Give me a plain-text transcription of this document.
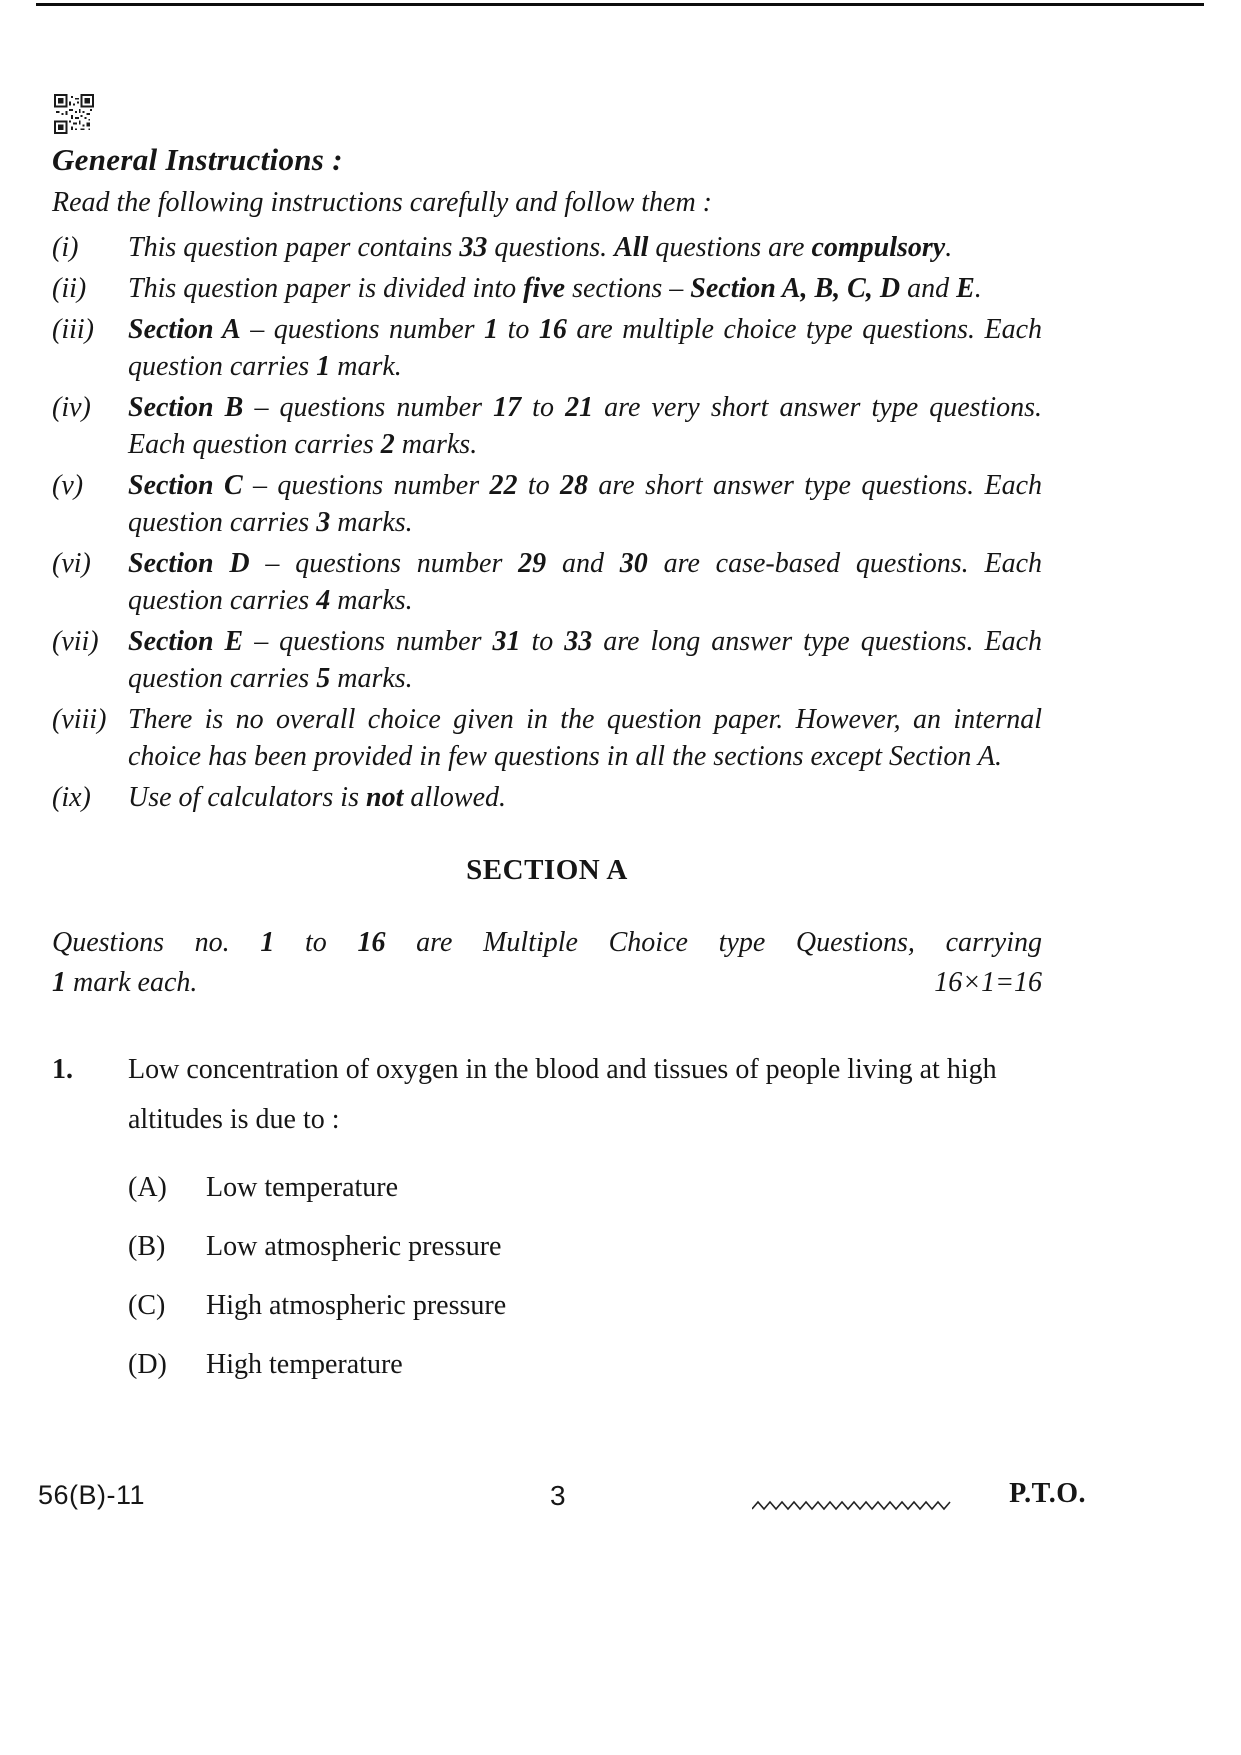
General Instructions :
Read the following instructions carefully and follow them :
(i)	This question paper contains 33 questions. All questions are compulsory.
(ii)	This question paper is divided into five sections – Section A, B, C, D and E.
(iii)	Section A – questions number 1 to 16 are multiple choice type questions. Each question carries 1 mark.
(iv)	Section B – questions number 17 to 21 are very short answer type questions. Each question carries 2 marks.
(v)	Section C – questions number 22 to 28 are short answer type questions. Each question carries 3 marks.
(vi)	Section D – questions number 29 and 30 are case-based questions. Each question carries 4 marks.
(vii)	Section E – questions number 31 to 33 are long answer type questions. Each question carries 5 marks.
(viii) There is no overall choice given in the question paper. However, an internal choice has been provided in few questions in all the sections except Section A.
(ix)	Use of calculators is not allowed.
SECTION A
Questions no. 1 to 16 are Multiple Choice type Questions, carrying
1 mark each.	16×1=16
1.	Low concentration of oxygen in the blood and tissues of people living at high altitudes is due to :
(A)	Low temperature
(B)	Low atmospheric pressure
(C)	High atmospheric pressure
(D)	High temperature
56(B)-11	3	P.T.O.
